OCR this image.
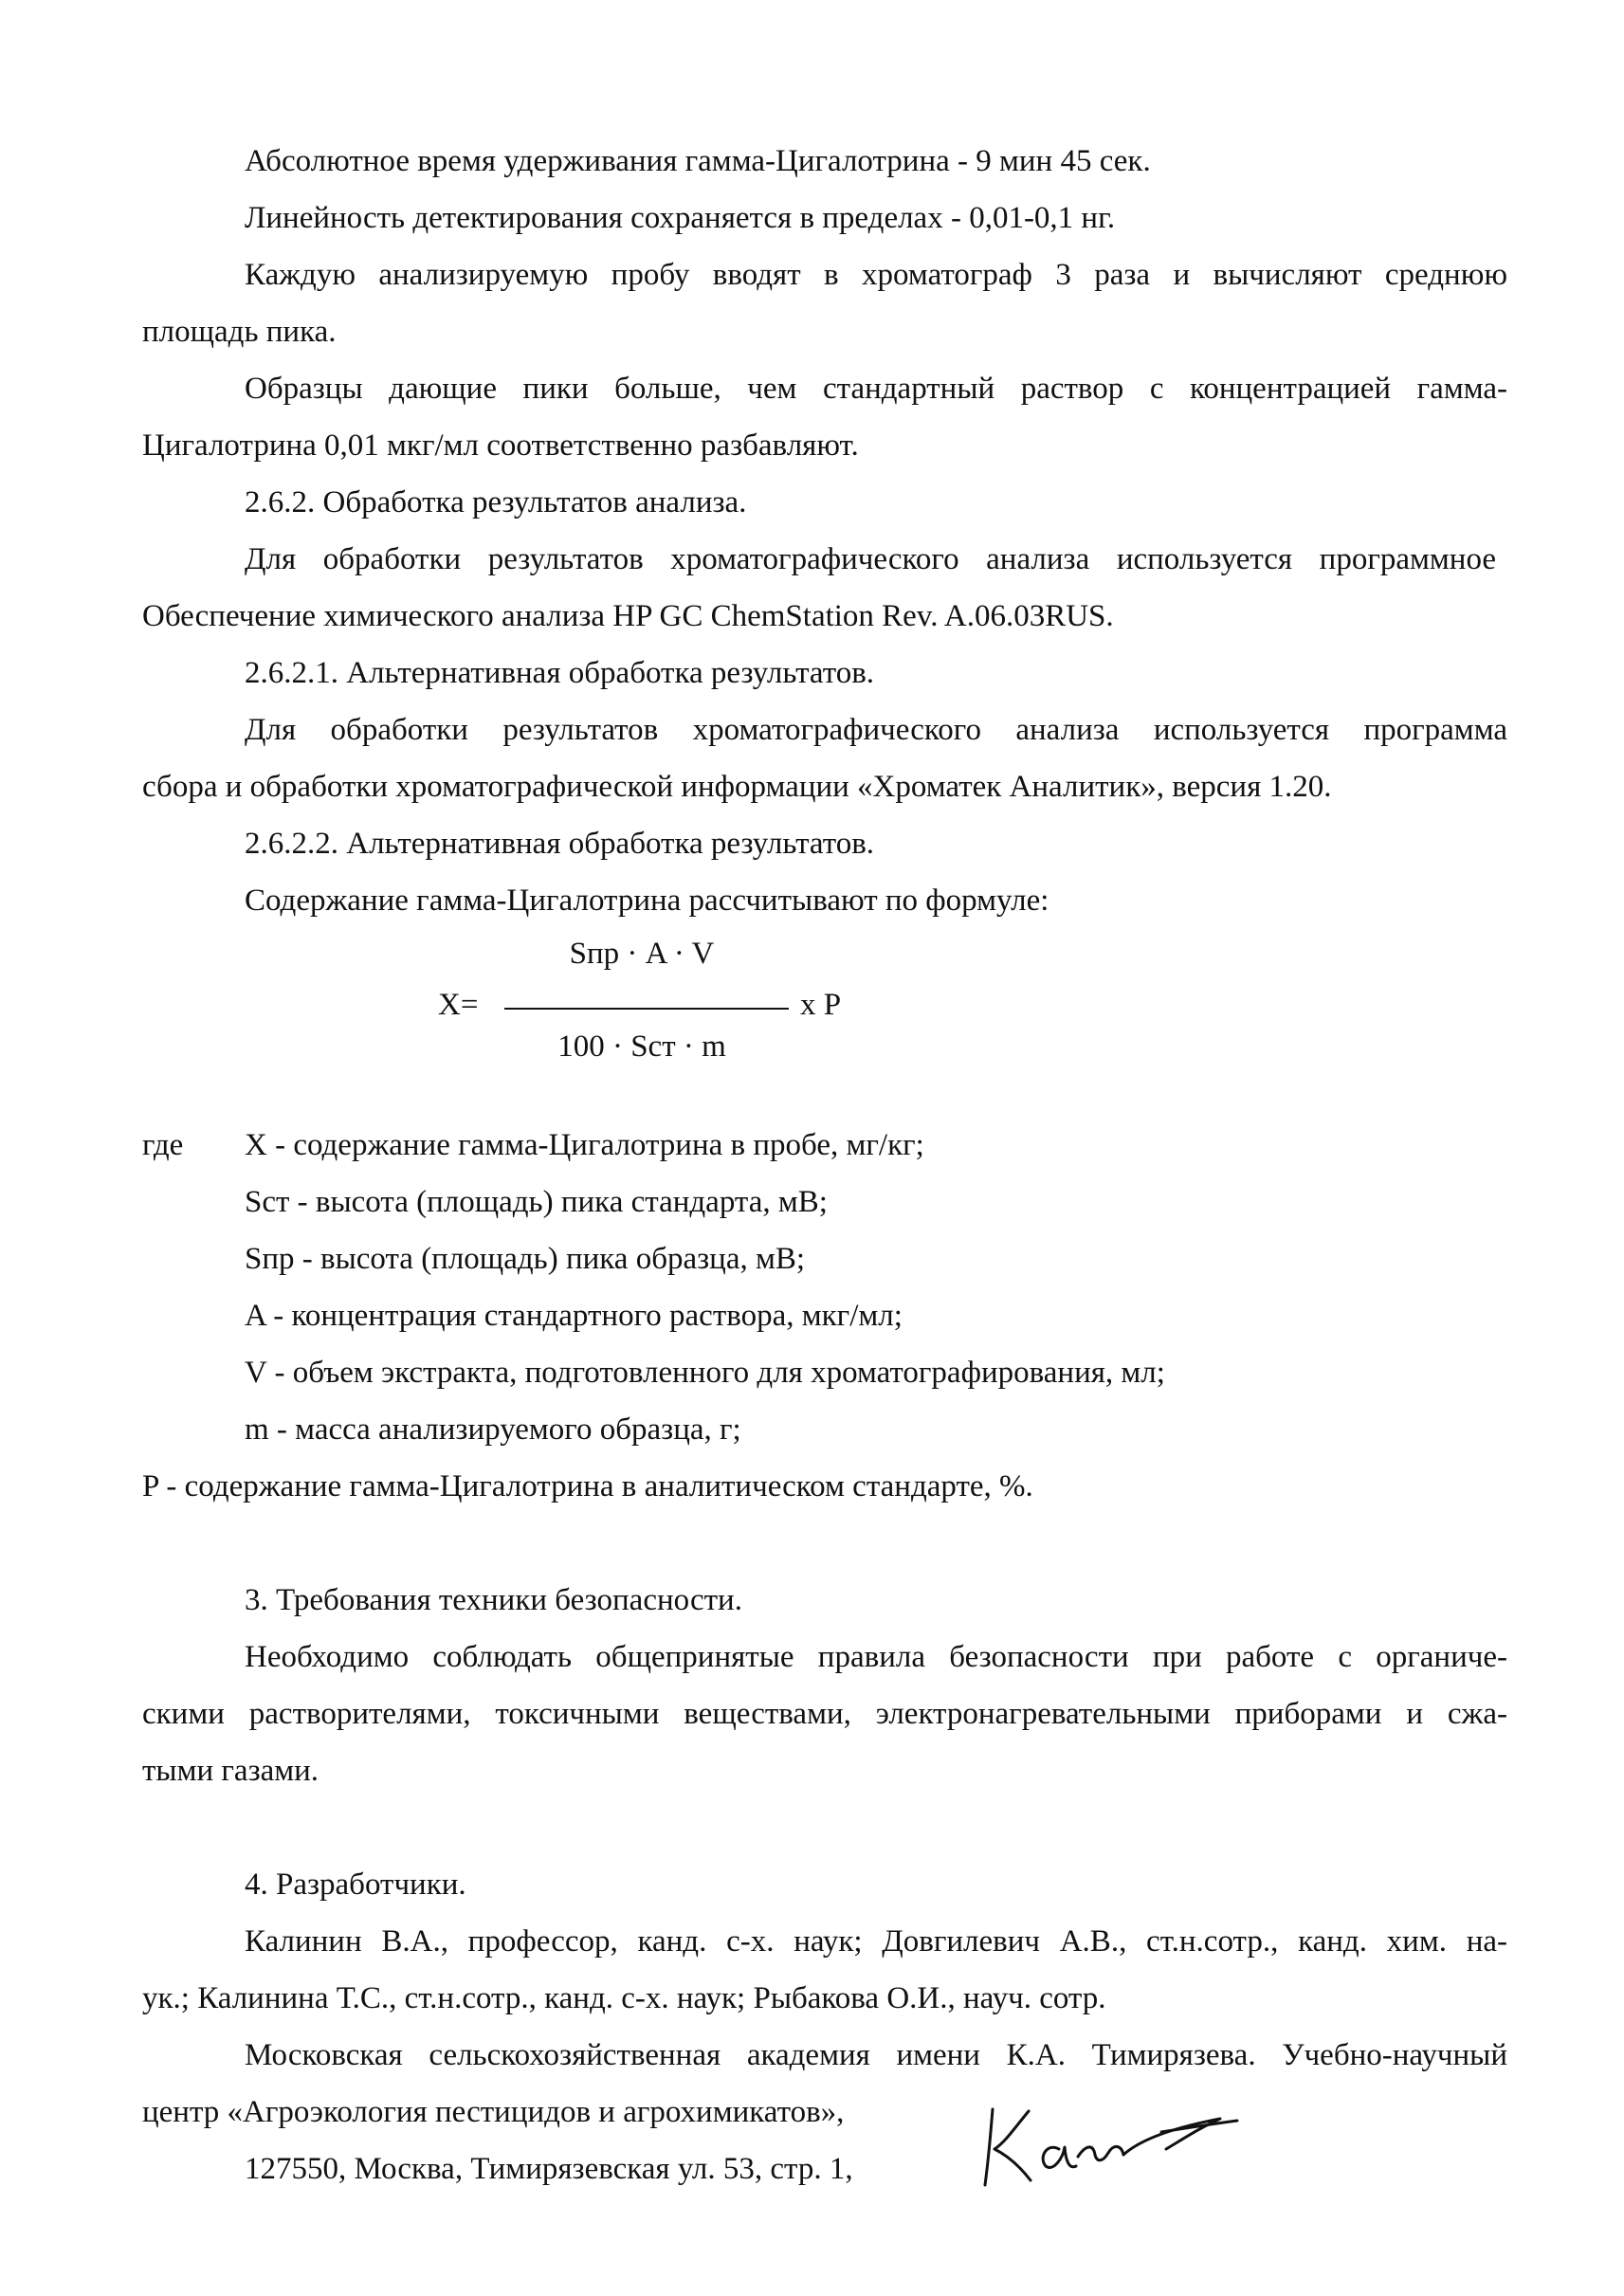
Абсолютное время удерживания гамма-Цигалотрина - 9 мин 45 сек.
Линейность детектирования сохраняется в пределах - 0,01-0,1 нг.
Каждую анализируемую пробу вводят в хроматограф 3 раза и вычисляют среднюю
площадь пика.
Образцы дающие пики больше, чем стандартный раствор с концентрацией гамма-
Цигалотрина 0,01 мкг/мл соответственно разбавляют.
2.6.2. Обработка результатов анализа.
Для обработки результатов хроматографического анализа используется программное
Обеспечение химического анализа HP GC ChemStation Rev. A.06.03RUS.
2.6.2.1. Альтернативная обработка результатов.
Для обработки результатов хроматографического анализа используется программа
сбора и обработки хроматографической информации «Хроматек Аналитик», версия 1.20.
2.6.2.2. Альтернативная обработка результатов.
Содержание гамма-Цигалотрина рассчитывают по формуле:
X=
Sпр · A · V
100 · Sст · m
x P
где X - содержание гамма-Цигалотрина в пробе, мг/кг;
Sст - высота (площадь) пика стандарта, мВ;
Sпр - высота (площадь) пика образца, мВ;
A - концентрация стандартного раствора, мкг/мл;
V - объем экстракта, подготовленного для хроматографирования, мл;
m - масса анализируемого образца, г;
P - содержание гамма-Цигалотрина в аналитическом стандарте, %.
3. Требования техники безопасности.
Необходимо соблюдать общепринятые правила безопасности при работе с органиче-
скими растворителями, токсичными веществами, электронагревательными приборами и сжа-
тыми газами.
4. Разработчики.
Калинин В.А., профессор, канд. с-х. наук; Довгилевич А.В., ст.н.сотр., канд. хим. на-
ук.; Калинина Т.С., ст.н.сотр., канд. с-х. наук; Рыбакова О.И., науч. сотр.
Московская сельскохозяйственная академия имени К.А. Тимирязева. Учебно-научный
центр «Агроэкология пестицидов и агрохимикатов»,
127550, Москва, Тимирязевская ул. 53, стр. 1,
